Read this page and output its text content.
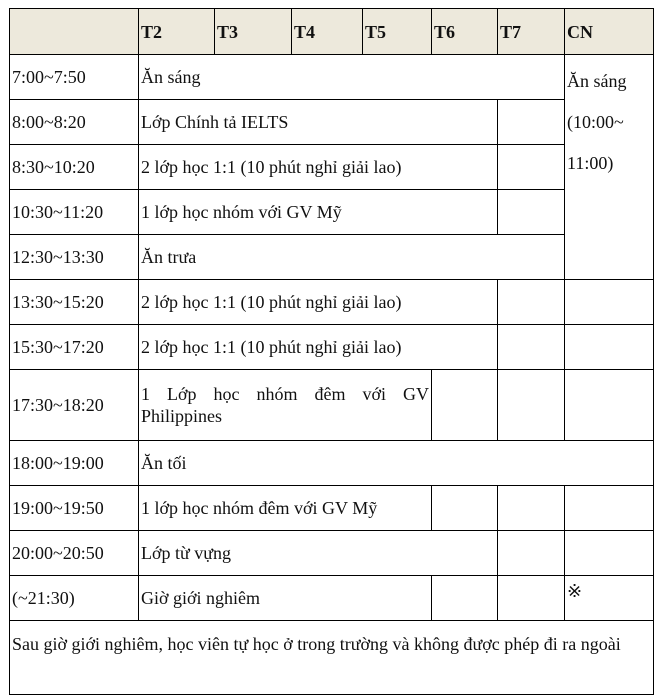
	T2	T3	T4	T5	T6	T7	CN
7:00~7:50	Ăn sáng						Ăn sáng
(10:00~
11:00)
8:00~8:20	Lớp Chính tả IELTS						
8:30~10:20	2 lớp học 1:1 (10 phút nghỉ giải lao)						
10:30~11:20	1 lớp học nhóm với GV Mỹ						
12:30~13:30	Ăn trưa						
13:30~15:20	2 lớp học 1:1 (10 phút nghỉ giải lao)						
15:30~17:20	2 lớp học 1:1 (10 phút nghỉ giải lao)						
17:30~18:20	1 Lớp học nhóm đêm với GV Philippines						
18:00~19:00	Ăn tối						
19:00~19:50	1 lớp học nhóm đêm với GV Mỹ						
20:00~20:50	Lớp từ vựng						
(~21:30)	Giờ giới nghiêm						※
Sau giờ giới nghiêm, học viên tự học ở trong trường và không được phép đi ra ngoài							
